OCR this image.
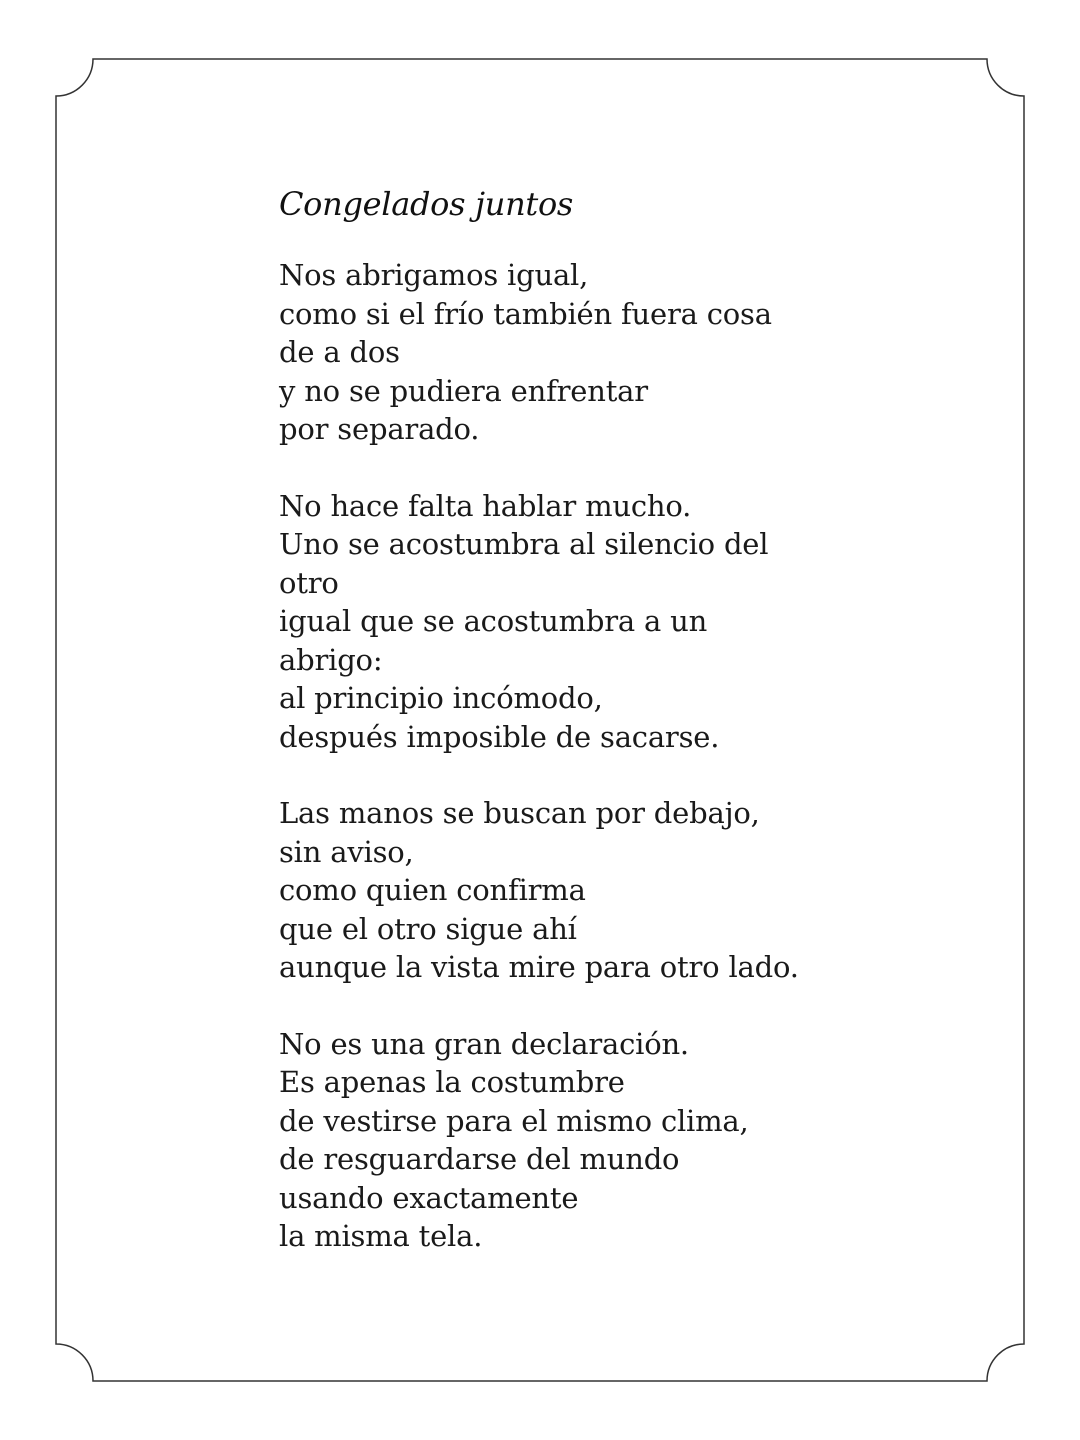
Congelados juntos
Nos abrigamos igual,
como si el frío también fuera cosa
de a dos
y no se pudiera enfrentar
por separado.
No hace falta hablar mucho.
Uno se acostumbra al silencio del
otro
igual que se acostumbra a un
abrigo:
al principio incómodo,
después imposible de sacarse.
Las manos se buscan por debajo,
sin aviso,
como quien confirma
que el otro sigue ahí
aunque la vista mire para otro lado.
No es una gran declaración.
Es apenas la costumbre
de vestirse para el mismo clima,
de resguardarse del mundo
usando exactamente
la misma tela.
